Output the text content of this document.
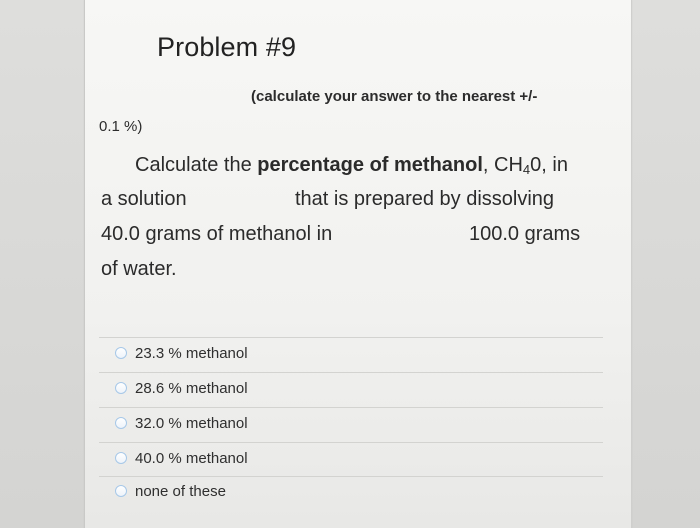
Problem #9
(calculate your answer to the nearest +/-
0.1 %)
Calculate the percentage of methanol, $CH_40$, in
a solution	that is prepared by dissolving
40.0 grams of methanol in	100.0 grams
of water.
23.3 % methanol
28.6 % methanol
32.0 % methanol
40.0 % methanol
none of these
